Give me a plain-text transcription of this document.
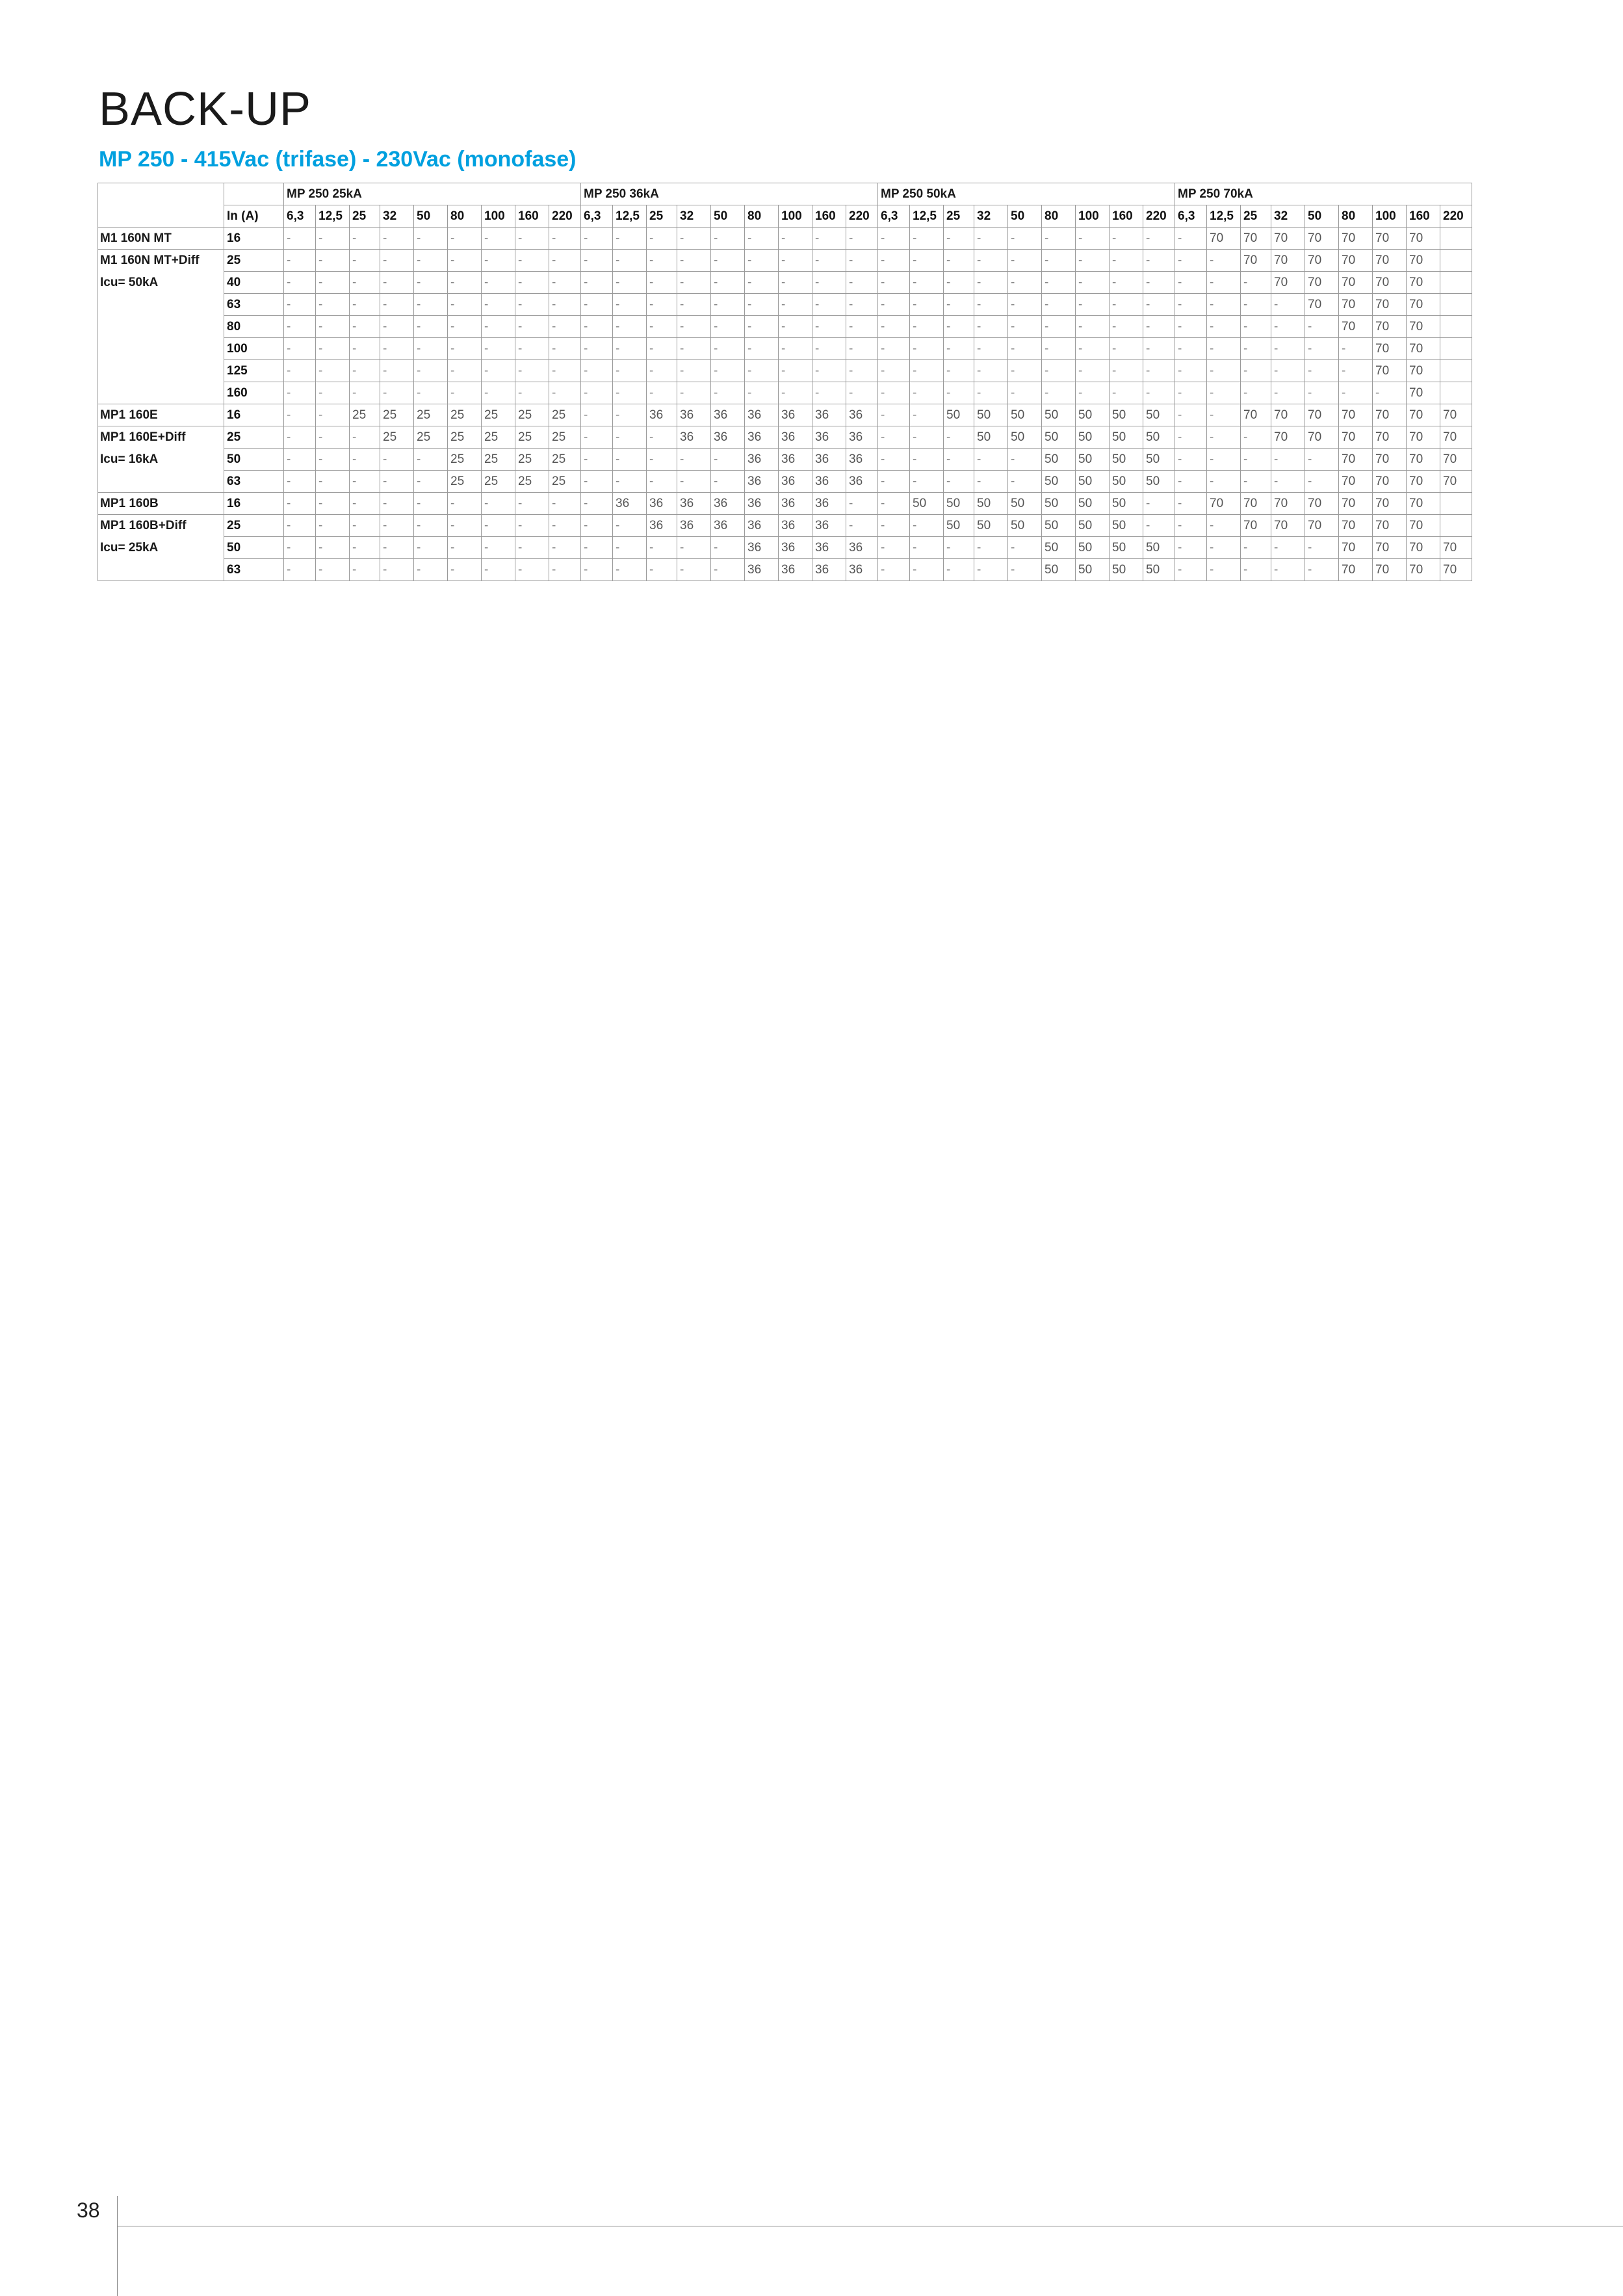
BACK-UP
MP 250 - 415Vac (trifase) - 230Vac (monofase)
		MP 250 25kA									MP 250 36kA									MP 250 50kA									MP 250 70kA								
	In (A)	6,3	12,5	25	32	50	80	100	160	220	6,3	12,5	25	32	50	80	100	160	220	6,3	12,5	25	32	50	80	100	160	220	6,3	12,5	25	32	50	80	100	160	220
M1 160N MT	16	-	-	-	-	-	-	-	-	-	-	-	-	-	-	-	-	-	-	-	-	-	-	-	-	-	-	-	-	70	70	70	70	70	70	70	
M1 160N MT+Diff	25	-	-	-	-	-	-	-	-	-	-	-	-	-	-	-	-	-	-	-	-	-	-	-	-	-	-	-	-	-	70	70	70	70	70	70	
Icu= 50kA	40	-	-	-	-	-	-	-	-	-	-	-	-	-	-	-	-	-	-	-	-	-	-	-	-	-	-	-	-	-	-	70	70	70	70	70	
	63	-	-	-	-	-	-	-	-	-	-	-	-	-	-	-	-	-	-	-	-	-	-	-	-	-	-	-	-	-	-	-	70	70	70	70	
	80	-	-	-	-	-	-	-	-	-	-	-	-	-	-	-	-	-	-	-	-	-	-	-	-	-	-	-	-	-	-	-	-	70	70	70	
	100	-	-	-	-	-	-	-	-	-	-	-	-	-	-	-	-	-	-	-	-	-	-	-	-	-	-	-	-	-	-	-	-	-	70	70	
	125	-	-	-	-	-	-	-	-	-	-	-	-	-	-	-	-	-	-	-	-	-	-	-	-	-	-	-	-	-	-	-	-	-	70	70	
	160	-	-	-	-	-	-	-	-	-	-	-	-	-	-	-	-	-	-	-	-	-	-	-	-	-	-	-	-	-	-	-	-	-	-	70	
MP1 160E	16	-	-	25	25	25	25	25	25	25	-	-	36	36	36	36	36	36	36	-	-	50	50	50	50	50	50	50	-	-	70	70	70	70	70	70	70
MP1 160E+Diff	25	-	-	-	25	25	25	25	25	25	-	-	-	36	36	36	36	36	36	-	-	-	50	50	50	50	50	50	-	-	-	70	70	70	70	70	70
Icu= 16kA	50	-	-	-	-	-	25	25	25	25	-	-	-	-	-	36	36	36	36	-	-	-	-	-	50	50	50	50	-	-	-	-	-	70	70	70	70
	63	-	-	-	-	-	25	25	25	25	-	-	-	-	-	36	36	36	36	-	-	-	-	-	50	50	50	50	-	-	-	-	-	70	70	70	70
MP1 160B	16	-	-	-	-	-	-	-	-	-	-	36	36	36	36	36	36	36	-	-	50	50	50	50	50	50	50	-	-	70	70	70	70	70	70	70	
MP1 160B+Diff	25	-	-	-	-	-	-	-	-	-	-	-	36	36	36	36	36	36	-	-	-	50	50	50	50	50	50	-	-	-	70	70	70	70	70	70	
Icu= 25kA	50	-	-	-	-	-	-	-	-	-	-	-	-	-	-	36	36	36	36	-	-	-	-	-	50	50	50	50	-	-	-	-	-	70	70	70	70
	63	-	-	-	-	-	-	-	-	-	-	-	-	-	-	36	36	36	36	-	-	-	-	-	50	50	50	50	-	-	-	-	-	70	70	70	70
38
